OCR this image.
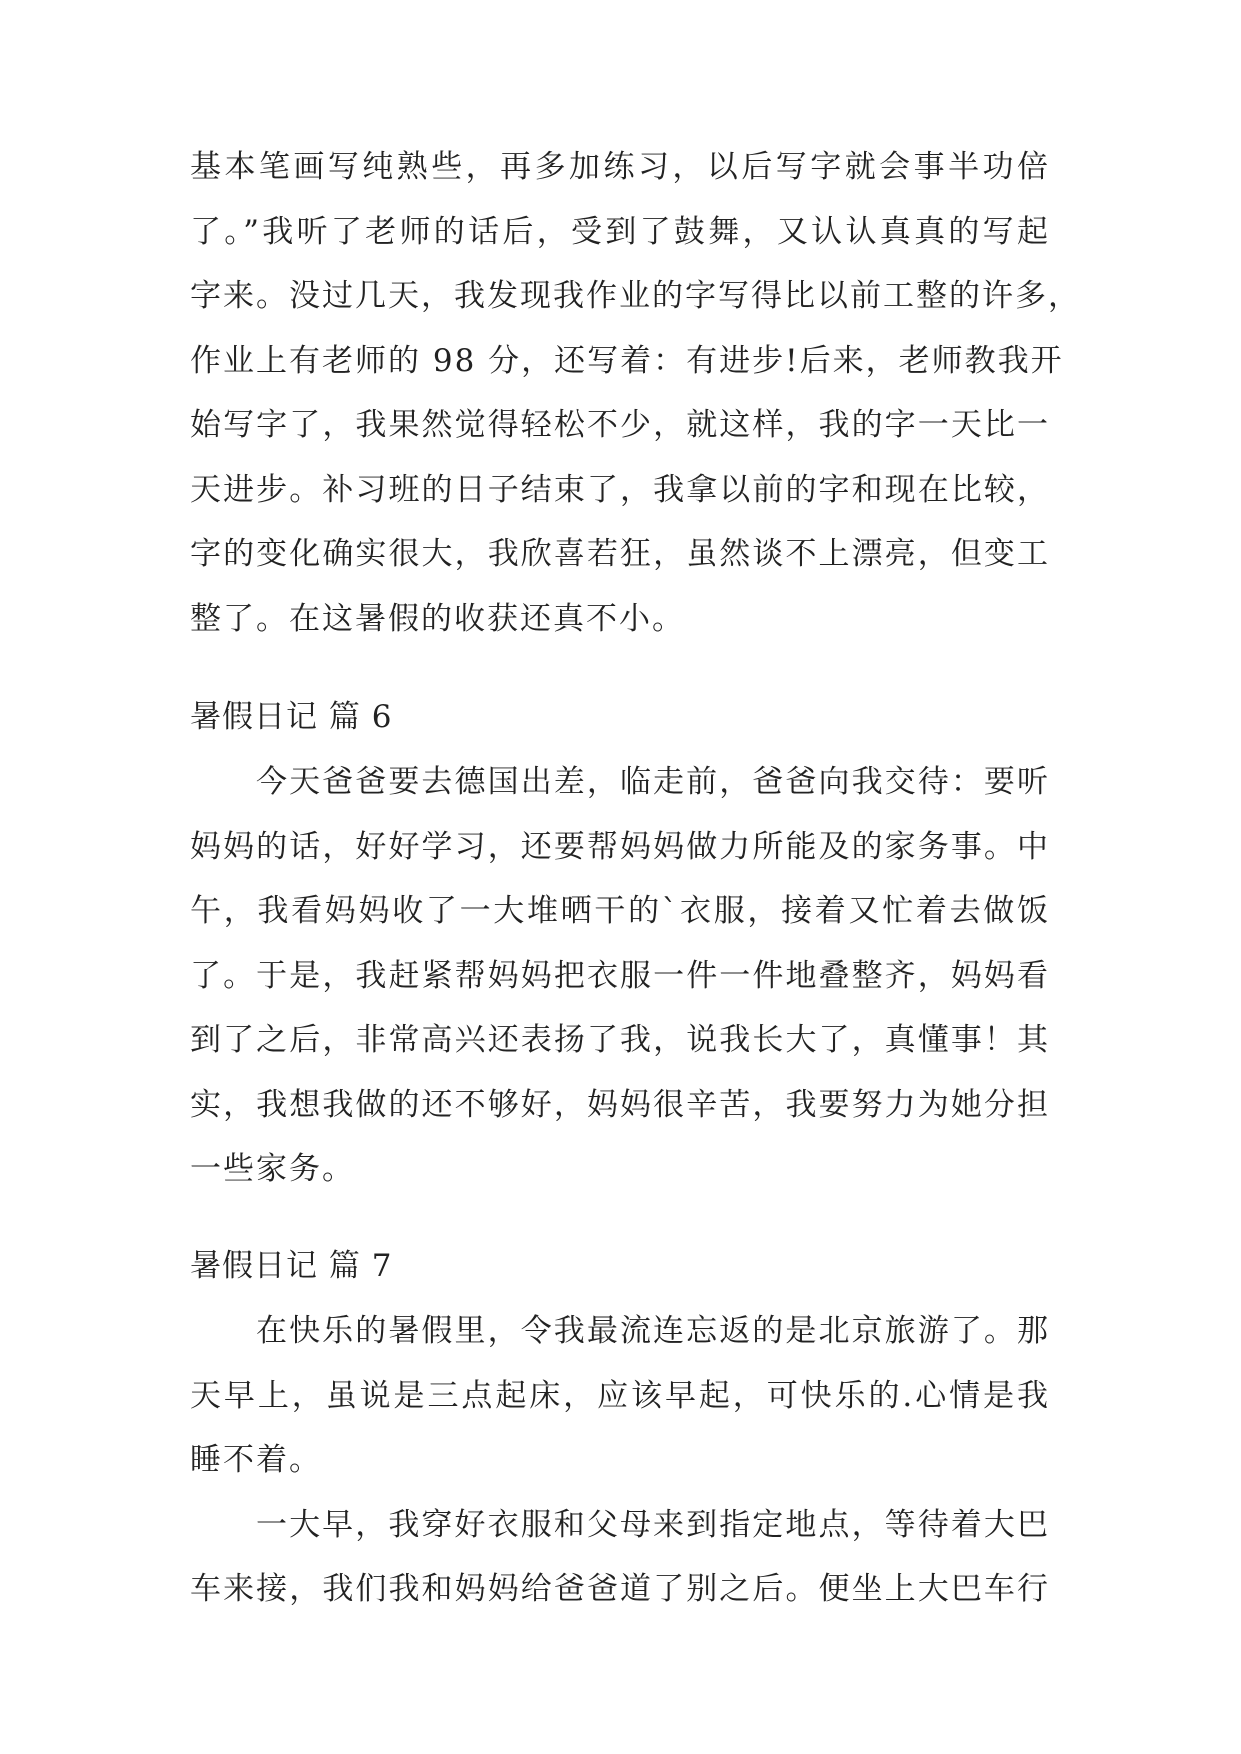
基本笔画写纯熟些，再多加练习，以后写字就会事半功倍
了。”我听了老师的话后，受到了鼓舞，又认认真真的写起
字来。没过几天，我发现我作业的字写得比以前工整的许多，
作业上有老师的 98 分，还写着：有进步!后来，老师教我开
始写字了，我果然觉得轻松不少，就这样，我的字一天比一
天进步。补习班的日子结束了，我拿以前的字和现在比较，
字的变化确实很大，我欣喜若狂，虽然谈不上漂亮，但变工
整了。在这暑假的收获还真不小。
暑假日记 篇 6
今天爸爸要去德国出差，临走前，爸爸向我交待：要听
妈妈的话，好好学习，还要帮妈妈做力所能及的家务事。中
午，我看妈妈收了一大堆晒干的`衣服，接着又忙着去做饭
了。于是，我赶紧帮妈妈把衣服一件一件地叠整齐，妈妈看
到了之后，非常高兴还表扬了我，说我长大了，真懂事！其
实，我想我做的还不够好，妈妈很辛苦，我要努力为她分担
一些家务。
暑假日记 篇 7
在快乐的暑假里，令我最流连忘返的是北京旅游了。那
天早上，虽说是三点起床，应该早起，可快乐的.心情是我
睡不着。
一大早，我穿好衣服和父母来到指定地点，等待着大巴
车来接，我们我和妈妈给爸爸道了别之后。便坐上大巴车行
